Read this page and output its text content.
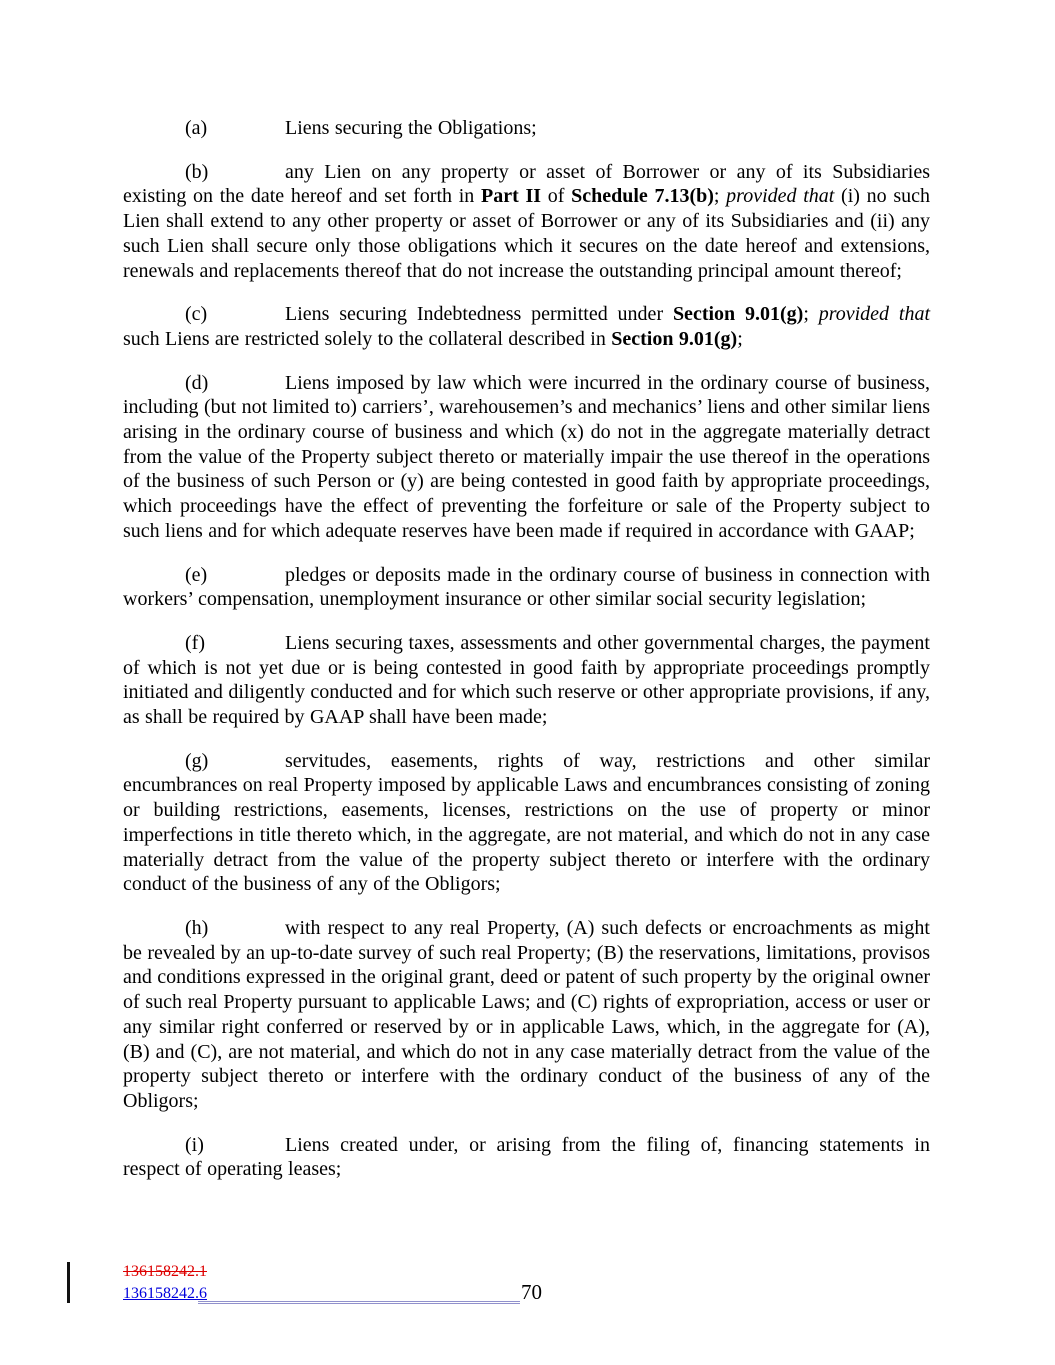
(a)	Liens securing the Obligations;

(b)	any Lien on any property or asset of Borrower or any of its Subsidiaries existing on the date hereof and set forth in Part II of Schedule 7.13(b); provided that (i) no such Lien shall extend to any other property or asset of Borrower or any of its Subsidiaries and (ii) any such Lien shall secure only those obligations which it secures on the date hereof and extensions, renewals and replacements thereof that do not increase the outstanding principal amount thereof;

(c)	Liens securing Indebtedness permitted under Section 9.01(g); provided that such Liens are restricted solely to the collateral described in Section 9.01(g);

(d)	Liens imposed by law which were incurred in the ordinary course of business, including (but not limited to) carriers’, warehousemen’s and mechanics’ liens and other similar liens arising in the ordinary course of business and which (x) do not in the aggregate materially detract from the value of the Property subject thereto or materially impair the use thereof in the operations of the business of such Person or (y) are being contested in good faith by appropriate proceedings, which proceedings have the effect of preventing the forfeiture or sale of the Property subject to such liens and for which adequate reserves have been made if required in accordance with GAAP;

(e)	pledges or deposits made in the ordinary course of business in connection with workers’ compensation, unemployment insurance or other similar social security legislation;

(f)	Liens securing taxes, assessments and other governmental charges, the payment of which is not yet due or is being contested in good faith by appropriate proceedings promptly initiated and diligently conducted and for which such reserve or other appropriate provisions, if any, as shall be required by GAAP shall have been made;

(g)	servitudes, easements, rights of way, restrictions and other similar encumbrances on real Property imposed by applicable Laws and encumbrances consisting of zoning or building restrictions, easements, licenses, restrictions on the use of property or minor imperfections in title thereto which, in the aggregate, are not material, and which do not in any case materially detract from the value of the property subject thereto or interfere with the ordinary conduct of the business of any of the Obligors;

(h)	with respect to any real Property, (A) such defects or encroachments as might be revealed by an up-to-date survey of such real Property; (B) the reservations, limitations, provisos and conditions expressed in the original grant, deed or patent of such property by the original owner of such real Property pursuant to applicable Laws; and (C) rights of expropriation, access or user or any similar right conferred or reserved by or in applicable Laws, which, in the aggregate for (A), (B) and (C), are not material, and which do not in any case materially detract from the value of the property subject thereto or interfere with the ordinary conduct of the business of any of the Obligors;

(i)	Liens created under, or arising from the filing of, financing statements in respect of operating leases;

136158242.1
136158242.6	70
